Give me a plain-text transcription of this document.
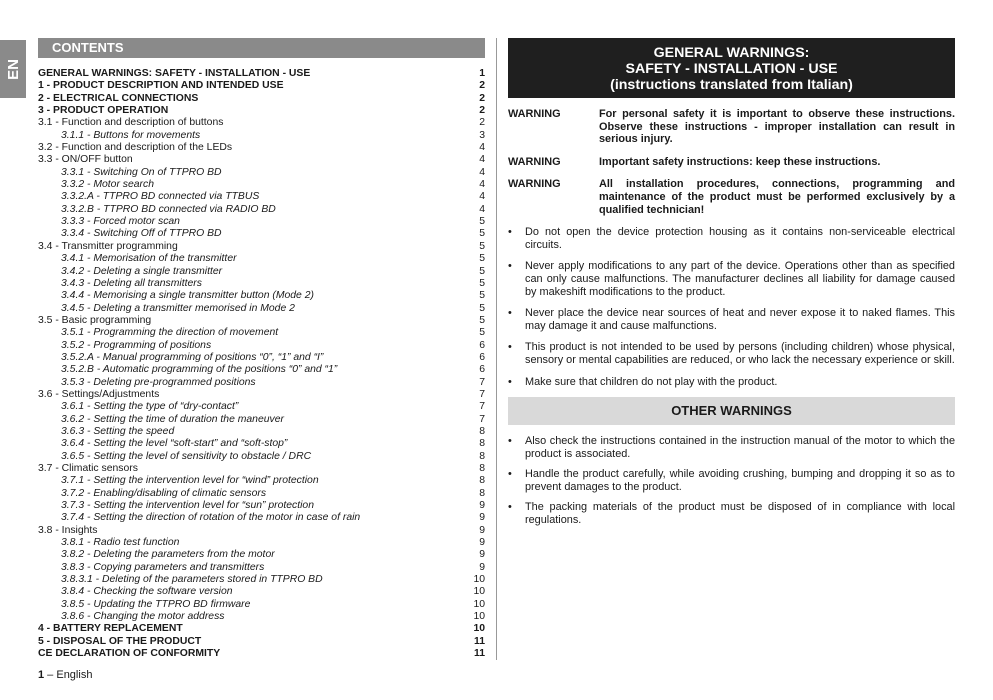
EN
CONTENTS
GENERAL WARNINGS: SAFETY - INSTALLATION - USE	1
1 - PRODUCT DESCRIPTION AND INTENDED USE	2
2 - ELECTRICAL CONNECTIONS	2
3 - PRODUCT OPERATION	2
3.1 - Function and description of buttons	2
3.1.1 - Buttons for movements	3
3.2 - Function and description of the LEDs	4
3.3 - ON/OFF button	4
3.3.1 - Switching On of TTPRO BD	4
3.3.2 - Motor search	4
3.3.2.A - TTPRO BD connected via TTBUS	4
3.3.2.B - TTPRO BD connected via RADIO BD	4
3.3.3 - Forced motor scan	5
3.3.4 - Switching Off of TTPRO BD	5
3.4 - Transmitter programming	5
3.4.1 - Memorisation of the transmitter	5
3.4.2 - Deleting a single transmitter	5
3.4.3 - Deleting all transmitters	5
3.4.4 - Memorising a single transmitter button (Mode 2)	5
3.4.5 - Deleting a transmitter memorised in Mode 2	5
3.5 - Basic programming	5
3.5.1 - Programming the direction of movement	5
3.5.2 - Programming of positions	6
3.5.2.A - Manual programming of positions “0”, “1” and “I”	6
3.5.2.B - Automatic programming of the positions “0” and “1”	6
3.5.3 - Deleting pre-programmed positions	7
3.6 - Settings/Adjustments	7
3.6.1 - Setting the type of “dry-contact”	7
3.6.2 - Setting the time of duration the maneuver	7
3.6.3 - Setting the speed	8
3.6.4 - Setting the level “soft-start” and “soft-stop”	8
3.6.5 - Setting the level of sensitivity to obstacle / DRC	8
3.7 - Climatic sensors	8
3.7.1 - Setting the intervention level for “wind” protection	8
3.7.2 - Enabling/disabling of climatic sensors	8
3.7.3 - Setting the intervention level for “sun” protection	9
3.7.4 - Setting the direction of rotation of the motor in case of rain	9
3.8 - Insights	9
3.8.1 - Radio test function	9
3.8.2 - Deleting the parameters from the motor	9
3.8.3 - Copying parameters and transmitters	9
3.8.3.1 - Deleting of the parameters stored in TTPRO BD	10
3.8.4 - Checking the software version	10
3.8.5 - Updating the TTPRO BD firmware	10
3.8.6 - Changing the motor address	10
4 - BATTERY REPLACEMENT	10
5 - DISPOSAL OF THE PRODUCT	11
CE DECLARATION OF CONFORMITY	11
1 – English
GENERAL WARNINGS:
SAFETY - INSTALLATION - USE
(instructions translated from Italian)
WARNING	For personal safety it is important to observe these instructions. Observe these instructions - improper installation can result in serious injury.
WARNING	Important safety instructions: keep these instructions.
WARNING	All installation procedures, connections, programming and maintenance of the product must be performed exclusively by a qualified technician!
•	Do not open the device protection housing as it contains non-serviceable electrical circuits.
•	Never apply modifications to any part of the device. Operations other than as specified can only cause malfunctions. The manufacturer declines all liability for damage caused by makeshift modifications to the product.
•	Never place the device near sources of heat and never expose it to naked flames. This may damage it and cause malfunctions.
•	This product is not intended to be used by persons (including children) whose physical, sensory or mental capabilities are reduced, or who lack the necessary experience or skill.
•	Make sure that children do not play with the product.
OTHER WARNINGS
•	Also check the instructions contained in the instruction manual of the motor to which the product is associated.
•	Handle the product carefully, while avoiding crushing, bumping and dropping it so as to prevent damages to the product.
•	The packing materials of the product must be disposed of in compliance with local regulations.
